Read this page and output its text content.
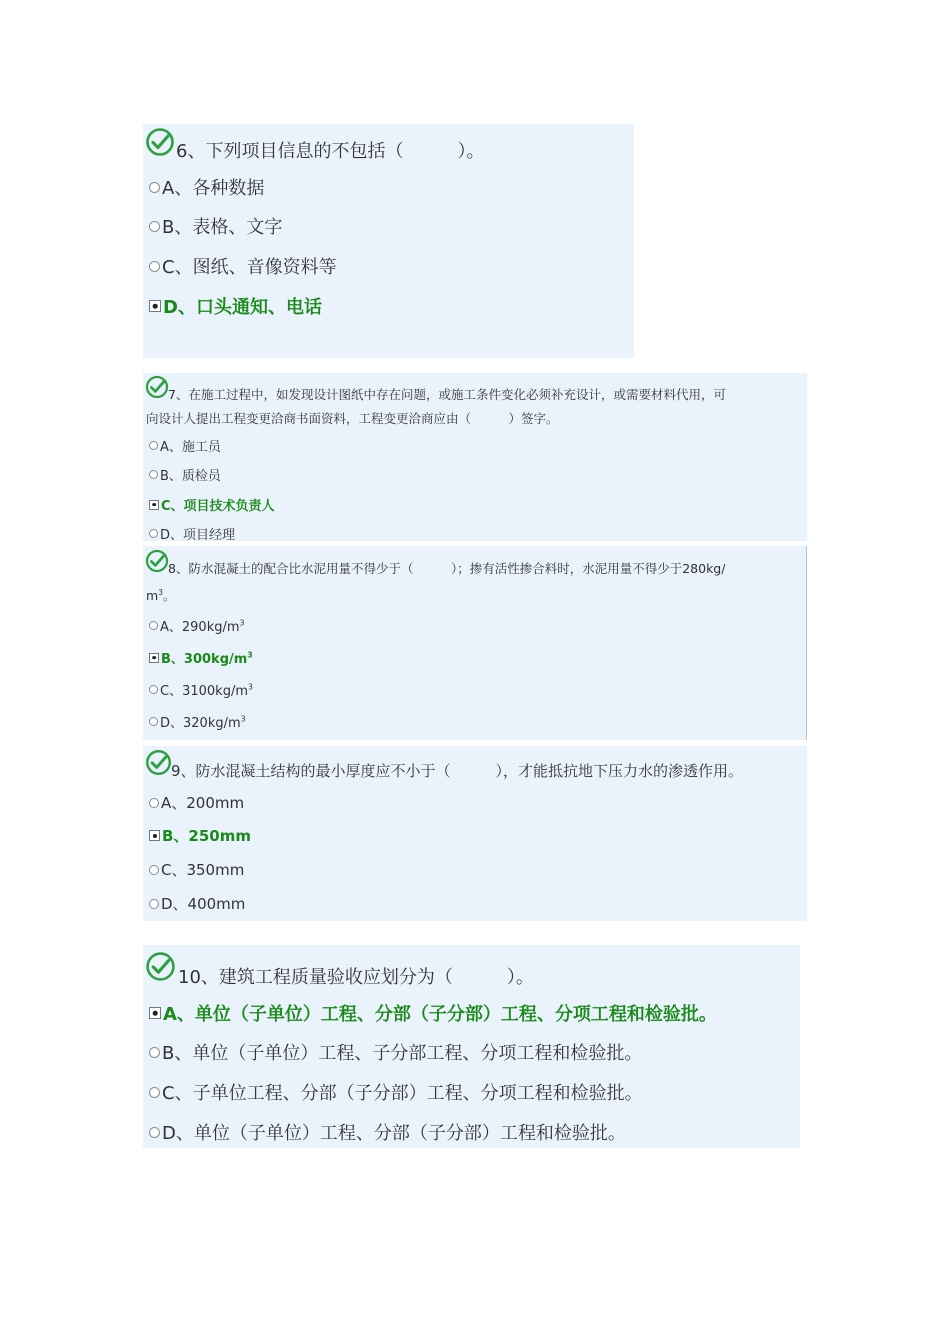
6、下列项目信息的不包括（　　　）。
A、各种数据
B、表格、文字
C、图纸、音像资料等
D、口头通知、电话
7、在施工过程中，如发现设计图纸中存在问题，或施工条件变化必须补充设计，或需要材料代用，可
向设计人提出工程变更洽商书面资料，工程变更洽商应由（　　　）签字。
A、施工员
B、质检员
C、项目技术负责人
D、项目经理
8、防水混凝土的配合比水泥用量不得少于（　　　）；掺有活性掺合料时，水泥用量不得少于280kg/
$m^3$。
A、$290kg/m^3$
B、$300kg/m^3$
C、$3100kg/m^3$
D、$320kg/m^3$
9、防水混凝土结构的最小厚度应不小于（　　　），才能抵抗地下压力水的渗透作用。
A、200mm
B、250mm
C、350mm
D、400mm
10、建筑工程质量验收应划分为（　　　）。
A、单位（子单位）工程、分部（子分部）工程、分项工程和检验批。
B、单位（子单位）工程、子分部工程、分项工程和检验批。
C、子单位工程、分部（子分部）工程、分项工程和检验批。
D、单位（子单位）工程、分部（子分部）工程和检验批。
